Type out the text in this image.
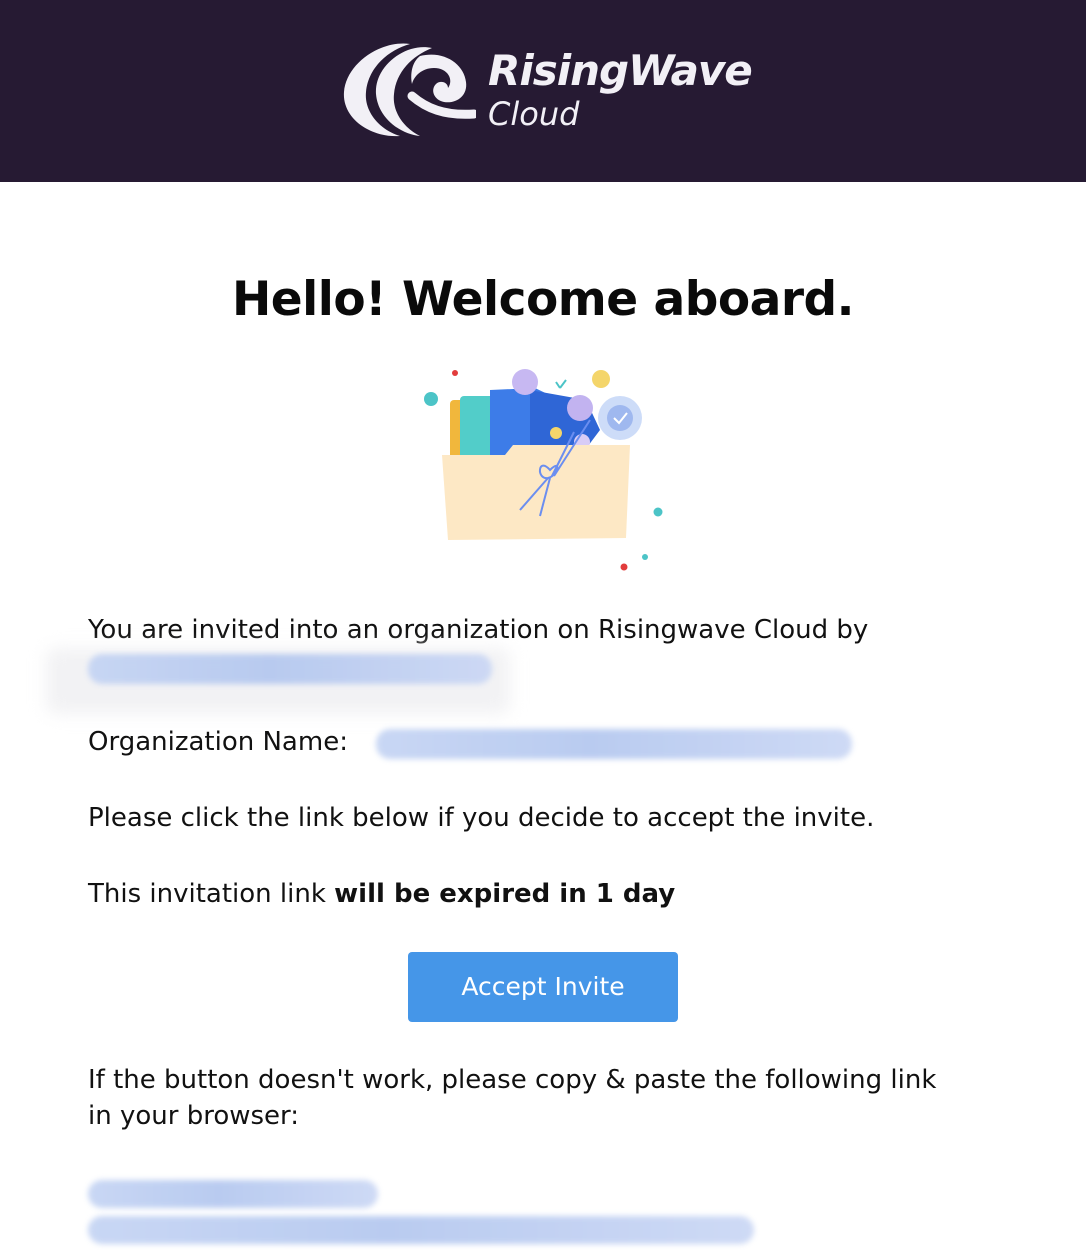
RisingWave
Cloud
Hello! Welcome aboard.
You are invited into an organization on Risingwave Cloud by
Organization Name:
Please click the link below if you decide to accept the invite.
This invitation link will be expired in 1 day
Accept Invite
If the button doesn't work, please copy & paste the following link
in your browser:
